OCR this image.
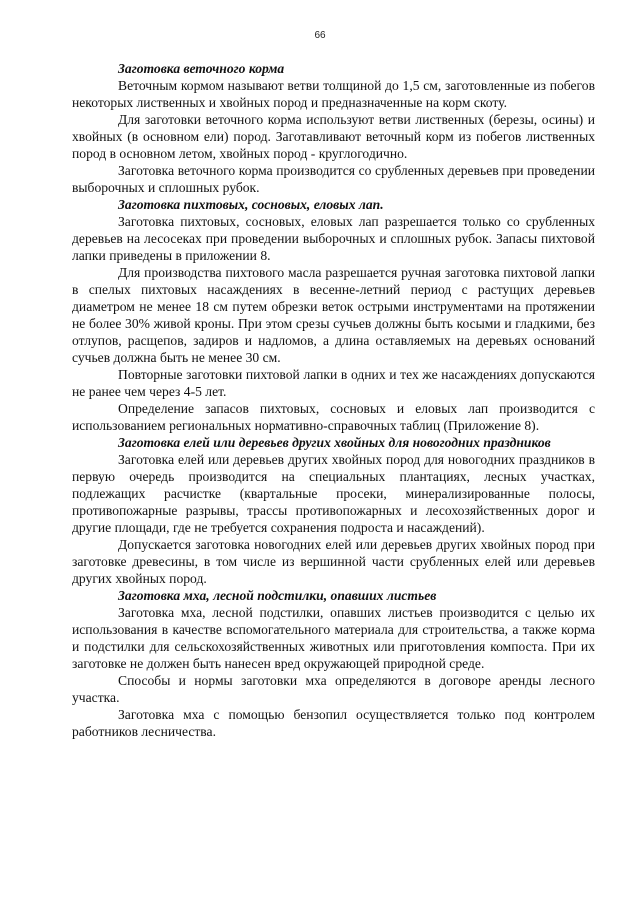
66

Заготовка веточного корма

Веточным кормом называют ветви толщиной до 1,5 см, заготовленные из побегов некоторых лиственных и хвойных пород и предназначенные на корм скоту.

Для заготовки веточного корма используют ветви лиственных (березы, осины) и хвойных (в основном ели) пород. Заготавливают веточный корм из побегов лиственных пород в основном летом, хвойных пород - круглогодично.

Заготовка веточного корма производится со срубленных деревьев при проведении выборочных и сплошных рубок.

Заготовка пихтовых, сосновых, еловых лап.

Заготовка пихтовых, сосновых, еловых лап разрешается только со срубленных деревьев на лесосеках при проведении выборочных и сплошных рубок. Запасы пихтовой лапки приведены в приложении 8.

Для производства пихтового масла разрешается ручная заготовка пихтовой лапки в спелых пихтовых насаждениях в весенне-летний период с растущих деревьев диаметром не менее 18 см путем обрезки веток острыми инструментами на протяжении не более 30% живой кроны. При этом срезы сучьев должны быть косыми и гладкими, без отлупов, расщепов, задиров и надломов, а длина оставляемых на деревьях оснований сучьев должна быть не менее 30 см.

Повторные заготовки пихтовой лапки в одних и тех же насаждениях допускаются не ранее чем через 4-5 лет.

Определение запасов пихтовых, сосновых и еловых лап производится с использованием региональных нормативно-справочных таблиц (Приложение 8).

Заготовка елей или деревьев других хвойных для новогодних праздников

Заготовка елей или деревьев других хвойных пород для новогодних праздников в первую очередь производится на специальных плантациях, лесных участках, подлежащих расчистке (квартальные просеки, минерализированные полосы, противопожарные разрывы, трассы противопожарных и лесохозяйственных дорог и другие площади, где не требуется сохранения подроста и насаждений).

Допускается заготовка новогодних елей или деревьев других хвойных пород при заготовке древесины, в том числе из вершинной части срубленных елей или деревьев других хвойных пород.

Заготовка мха, лесной подстилки, опавших листьев

Заготовка мха, лесной подстилки, опавших листьев производится с целью их использования в качестве вспомогательного материала для строительства, а также корма и подстилки для сельскохозяйственных животных или приготовления компоста. При их заготовке не должен быть нанесен вред окружающей природной среде.

Способы и нормы заготовки мха определяются в договоре аренды лесного участка.

Заготовка мха с помощью бензопил осуществляется только под контролем работников лесничества.
